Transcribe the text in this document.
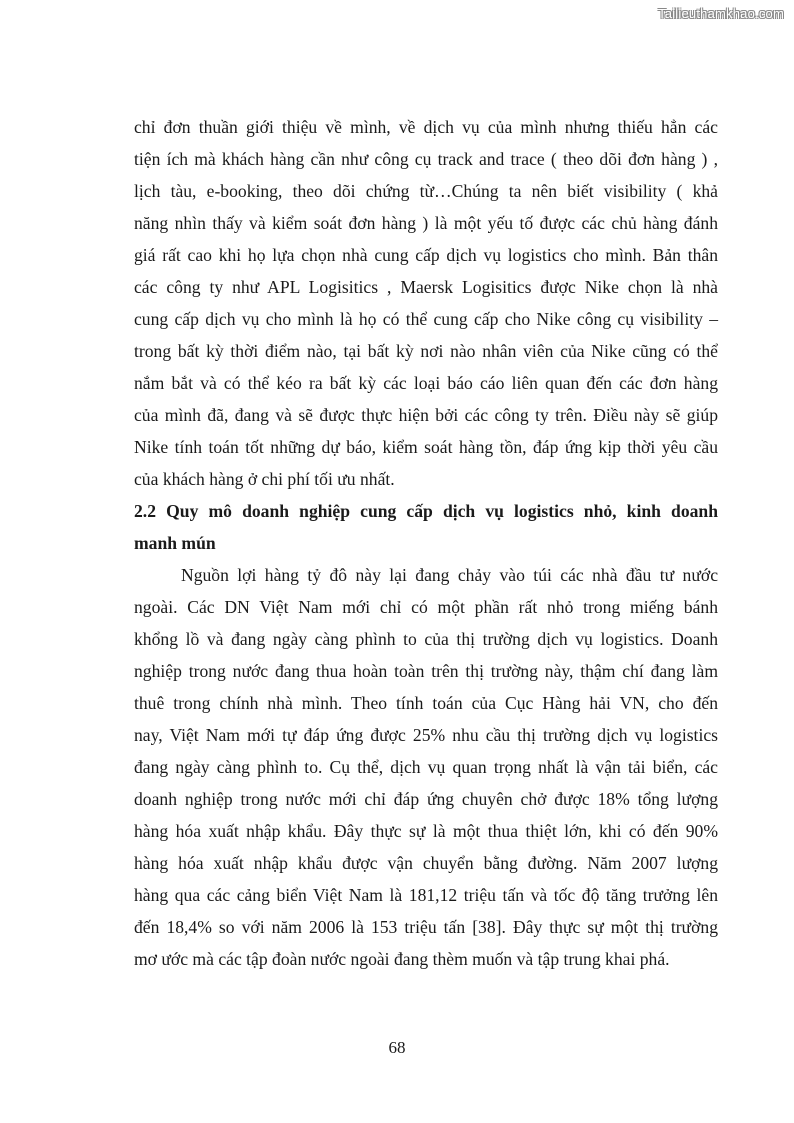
Tailieuthamkhao.com

chỉ đơn thuần giới thiệu về mình, về dịch vụ của mình nhưng thiếu hẳn các
tiện ích mà khách hàng cần như công cụ track and trace ( theo dõi đơn hàng ) ,
lịch tàu, e-booking, theo dõi chứng từ…Chúng ta nên biết visibility ( khả
năng nhìn thấy và kiểm soát đơn hàng ) là một yếu tố được các chủ hàng đánh
giá rất cao khi họ lựa chọn nhà cung cấp dịch vụ logistics cho mình. Bản thân
các công ty như APL Logisitics , Maersk Logisitics được Nike chọn là nhà
cung cấp dịch vụ cho mình là họ có thể cung cấp cho Nike công cụ visibility –
trong bất kỳ thời điểm nào, tại bất kỳ nơi nào nhân viên của Nike cũng có thể
nắm bắt và có thể kéo ra bất kỳ các loại báo cáo liên quan đến các đơn hàng
của mình đã, đang và sẽ được thực hiện bởi các công ty trên. Điều này sẽ giúp
Nike tính toán tốt những dự báo, kiểm soát hàng tồn, đáp ứng kịp thời yêu cầu
của khách hàng ở chi phí tối ưu nhất.

2.2 Quy mô doanh nghiệp cung cấp dịch vụ logistics nhỏ, kinh doanh
manh mún

Nguồn lợi hàng tỷ đô này lại đang chảy vào túi các nhà đầu tư nước
ngoài. Các DN Việt Nam mới chỉ có một phần rất nhỏ trong miếng bánh
khổng lồ và đang ngày càng phình to của thị trường dịch vụ logistics. Doanh
nghiệp trong nước đang thua hoàn toàn trên thị trường này, thậm chí đang làm
thuê trong chính nhà mình. Theo tính toán của Cục Hàng hải VN, cho đến
nay, Việt Nam mới tự đáp ứng được 25% nhu cầu thị trường dịch vụ logistics
đang ngày càng phình to. Cụ thể, dịch vụ quan trọng nhất là vận tải biển, các
doanh nghiệp trong nước mới chỉ đáp ứng chuyên chở được 18% tổng lượng
hàng hóa xuất nhập khẩu. Đây thực sự là một thua thiệt lớn, khi có đến 90%
hàng hóa xuất nhập khẩu được vận chuyển bằng đường. Năm 2007 lượng
hàng qua các cảng biển Việt Nam là 181,12 triệu tấn và tốc độ tăng trưởng lên
đến 18,4% so với năm 2006 là 153 triệu tấn [38]. Đây thực sự một thị trường
mơ ước mà các tập đoàn nước ngoài đang thèm muốn và tập trung khai phá.

68
